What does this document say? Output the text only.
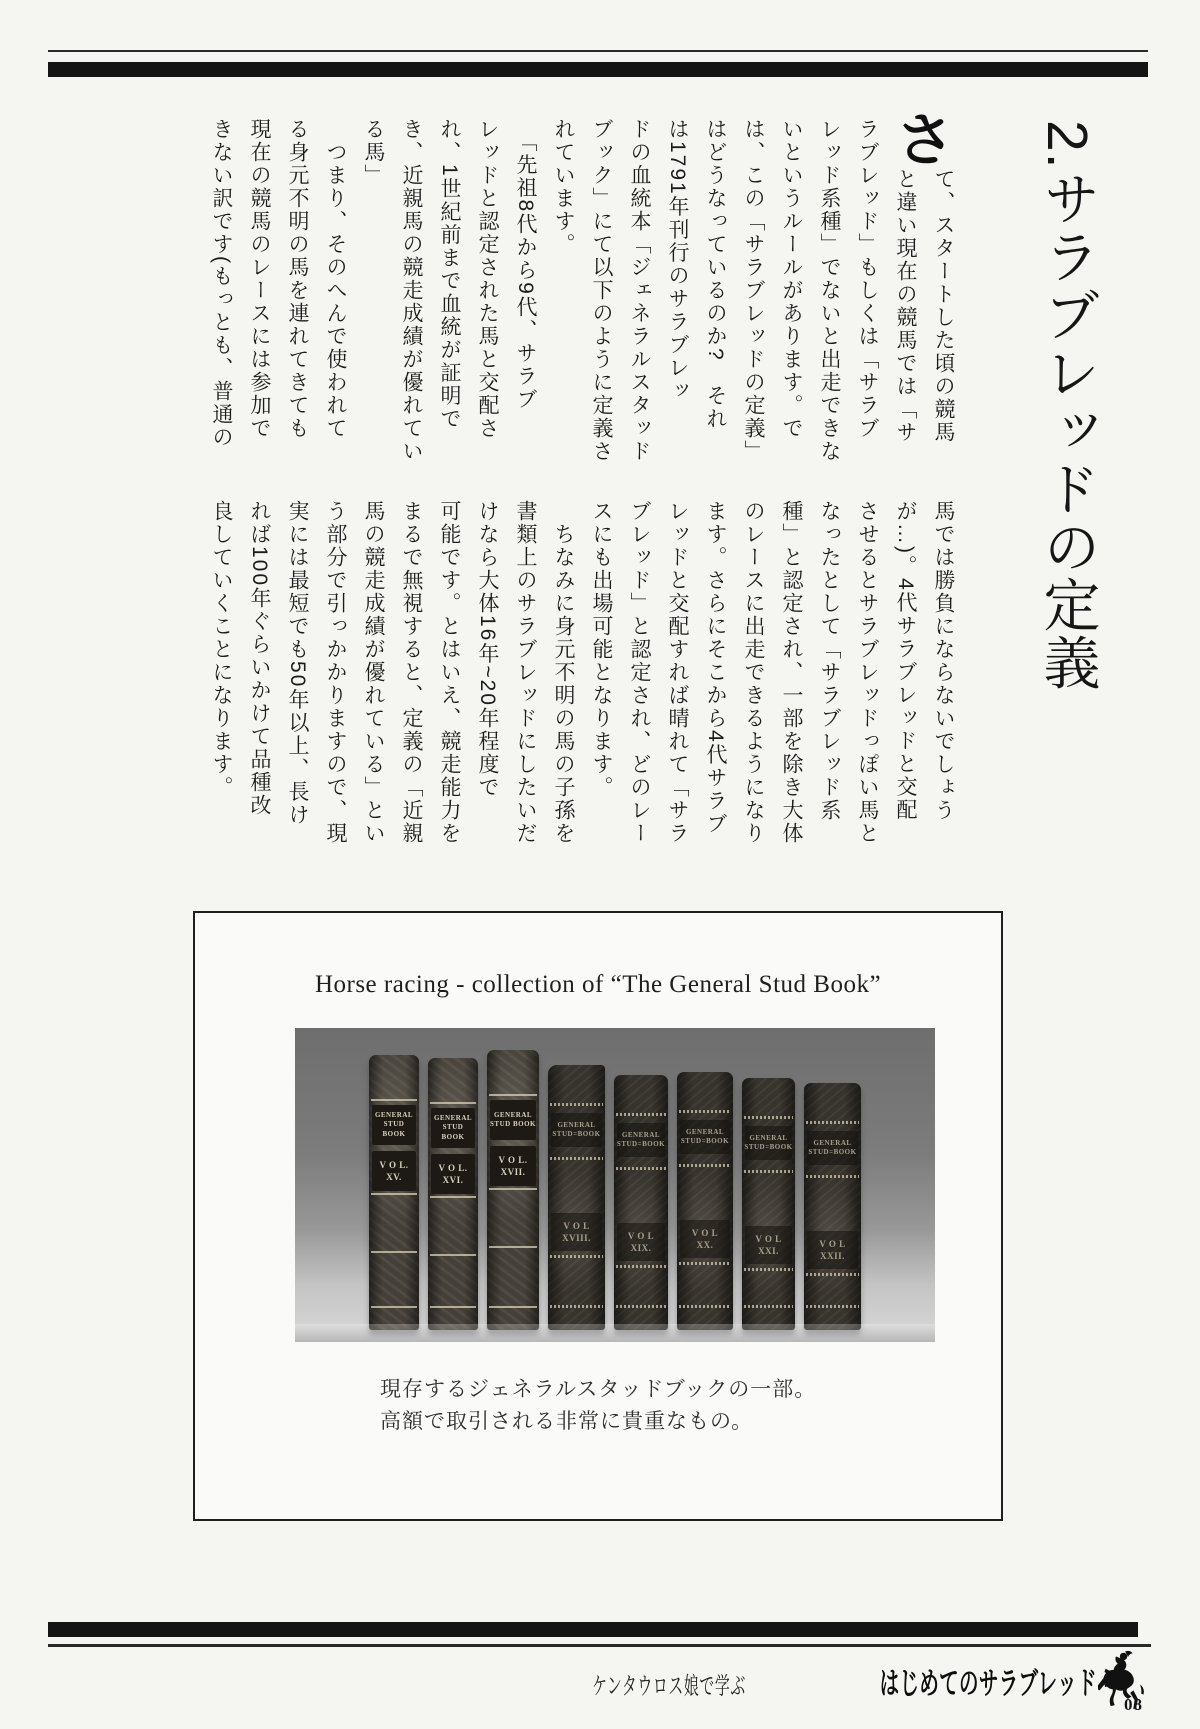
2.サラブレッドの定義
さ
て、スタートした頃の競馬
と違い現在の競馬では「サ
ラブレッド」もしくは「サラブ
レッド系種」でないと出走できな
いというルールがあります。で
は、この「サラブレッドの定義」
はどうなっているのか?　それ
は1791年刊行のサラブレッ
ドの血統本「ジェネラルスタッド
ブック」にて以下のように定義さ
れています。
　「先祖8代から9代、サラブ
レッドと認定された馬と交配さ
れ、1世紀前まで血統が証明で
き、近親馬の競走成績が優れてい
る馬」
　つまり、そのへんで使われて
る身元不明の馬を連れてきても
現在の競馬のレースには参加で
きない訳です(もっとも、普通の
馬では勝負にならないでしょう
が…)。4代サラブレッドと交配
させるとサラブレッドっぽい馬と
なったとして「サラブレッド系
種」と認定され、一部を除き大体
のレースに出走できるようになり
ます。さらにそこから4代サラブ
レッドと交配すれば晴れて「サラ
ブレッド」と認定され、どのレー
スにも出場可能となります。
　ちなみに身元不明の馬の子孫を
書類上のサラブレッドにしたいだ
けなら大体16年~20年程度で
可能です。とはいえ、競走能力を
まるで無視すると、定義の「近親
馬の競走成績が優れている」とい
う部分で引っかかりますので、現
実には最短でも50年以上、長け
れば100年ぐらいかけて品種改
良していくことになります。
Horse racing - collection of “The General Stud Book”
GENERAL
STUD BOOK
V O L.
XV.
GENERAL
STUD BOOK
V O L.
XVI.
GENERAL
STUD BOOK
V O L.
XVII.
GENERAL
STUD=BOOK
V O L
XVIII.
GENERAL
STUD=BOOK
V O L
XIX.
GENERAL
STUD=BOOK
V O L
XX.
GENERAL
STUD=BOOK
V O L
XXI.
GENERAL
STUD=BOOK
V O L
XXII.
現存するジェネラルスタッドブックの一部。
高額で取引される非常に貴重なもの。
ケンタウロス娘で学ぶ	はじめてのサラブレッド
08
